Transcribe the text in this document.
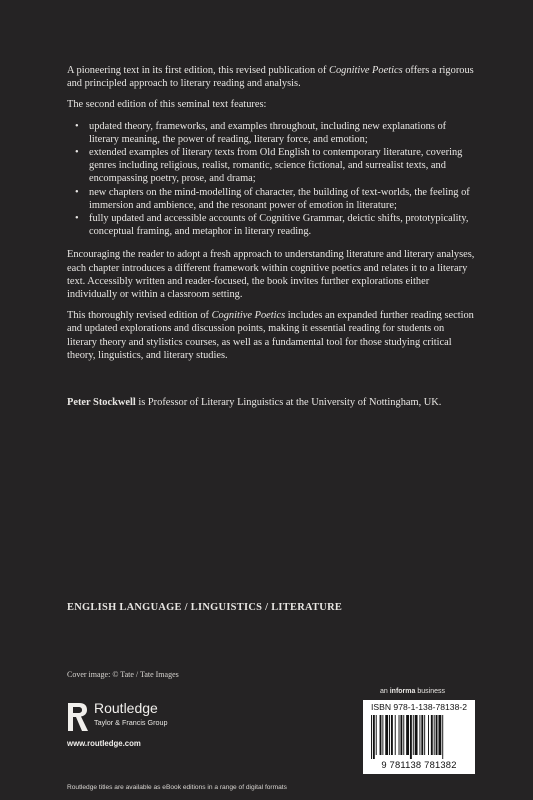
A pioneering text in its first edition, this revised publication of Cognitive Poetics offers a rigorous and principled approach to literary reading and analysis.

The second edition of this seminal text features:

• updated theory, frameworks, and examples throughout, including new explanations of literary meaning, the power of reading, literary force, and emotion;
• extended examples of literary texts from Old English to contemporary literature, covering genres including religious, realist, romantic, science fictional, and surrealist texts, and encompassing poetry, prose, and drama;
• new chapters on the mind-modelling of character, the building of text-worlds, the feeling of immersion and ambience, and the resonant power of emotion in literature;
• fully updated and accessible accounts of Cognitive Grammar, deictic shifts, prototypicality, conceptual framing, and metaphor in literary reading.

Encouraging the reader to adopt a fresh approach to understanding literature and literary analyses, each chapter introduces a different framework within cognitive poetics and relates it to a literary text. Accessibly written and reader-focused, the book invites further explorations either individually or within a classroom setting.

This thoroughly revised edition of Cognitive Poetics includes an expanded further reading section and updated explorations and discussion points, making it essential reading for students on literary theory and stylistics courses, as well as a fundamental tool for those studying critical theory, linguistics, and literary studies.

Peter Stockwell is Professor of Literary Linguistics at the University of Nottingham, UK.

ENGLISH LANGUAGE / LINGUISTICS / LITERATURE
Cover image: © Tate / Tate Images
Routledge
Taylor & Francis Group
www.routledge.com
an informa business
ISBN 978-1-138-78138-2
9 781138 781382
Routledge titles are available as eBook editions in a range of digital formats
